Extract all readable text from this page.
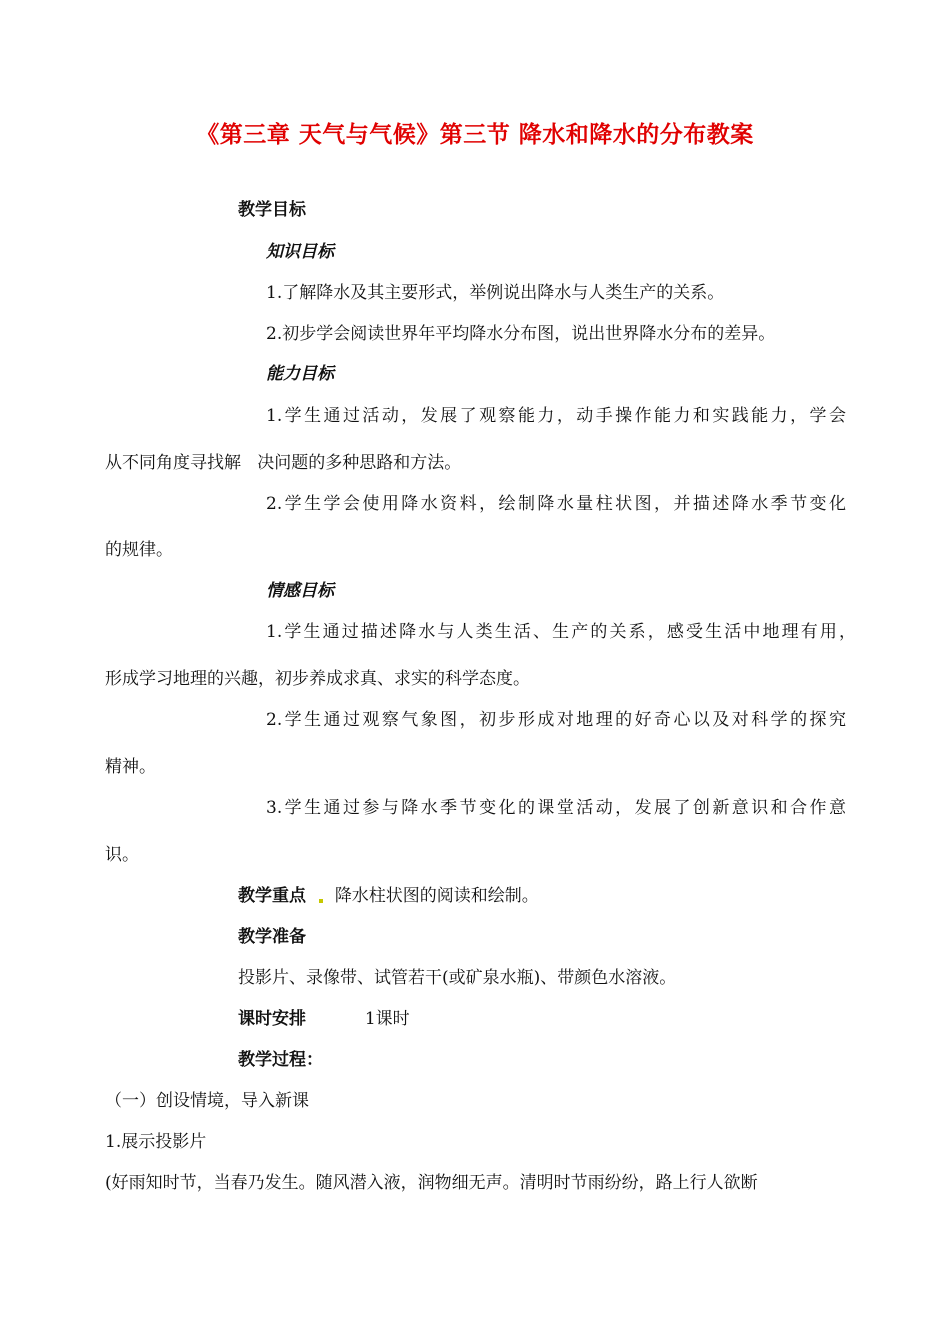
《第三章 天气与气候》第三节 降水和降水的分布教案
教学目标
知识目标
1.了解降水及其主要形式，举例说出降水与人类生产的关系。
2.初步学会阅读世界年平均降水分布图，说出世界降水分布的差异。
能力目标
1.学生通过活动，发展了观察能力，动手操作能力和实践能力，学会
从不同角度寻找解   决问题的多种思路和方法。
2.学生学会使用降水资料，绘制降水量柱状图，并描述降水季节变化
的规律。
情感目标
1.学生通过描述降水与人类生活、生产的关系，感受生活中地理有用，
形成学习地理的兴趣，初步养成求真、求实的科学态度。
2.学生通过观察气象图，初步形成对地理的好奇心以及对科学的探究
精神。
3.学生通过参与降水季节变化的课堂活动，发展了创新意识和合作意
识。
教学重点 降水柱状图的阅读和绘制。
教学准备
投影片、录像带、试管若干(或矿泉水瓶)、带颜色水溶液。
课时安排	1课时
教学过程：
（一）创设情境，导入新课
1.展示投影片
(好雨知时节，当春乃发生。随风潜入液，润物细无声。清明时节雨纷纷，路上行人欲断
